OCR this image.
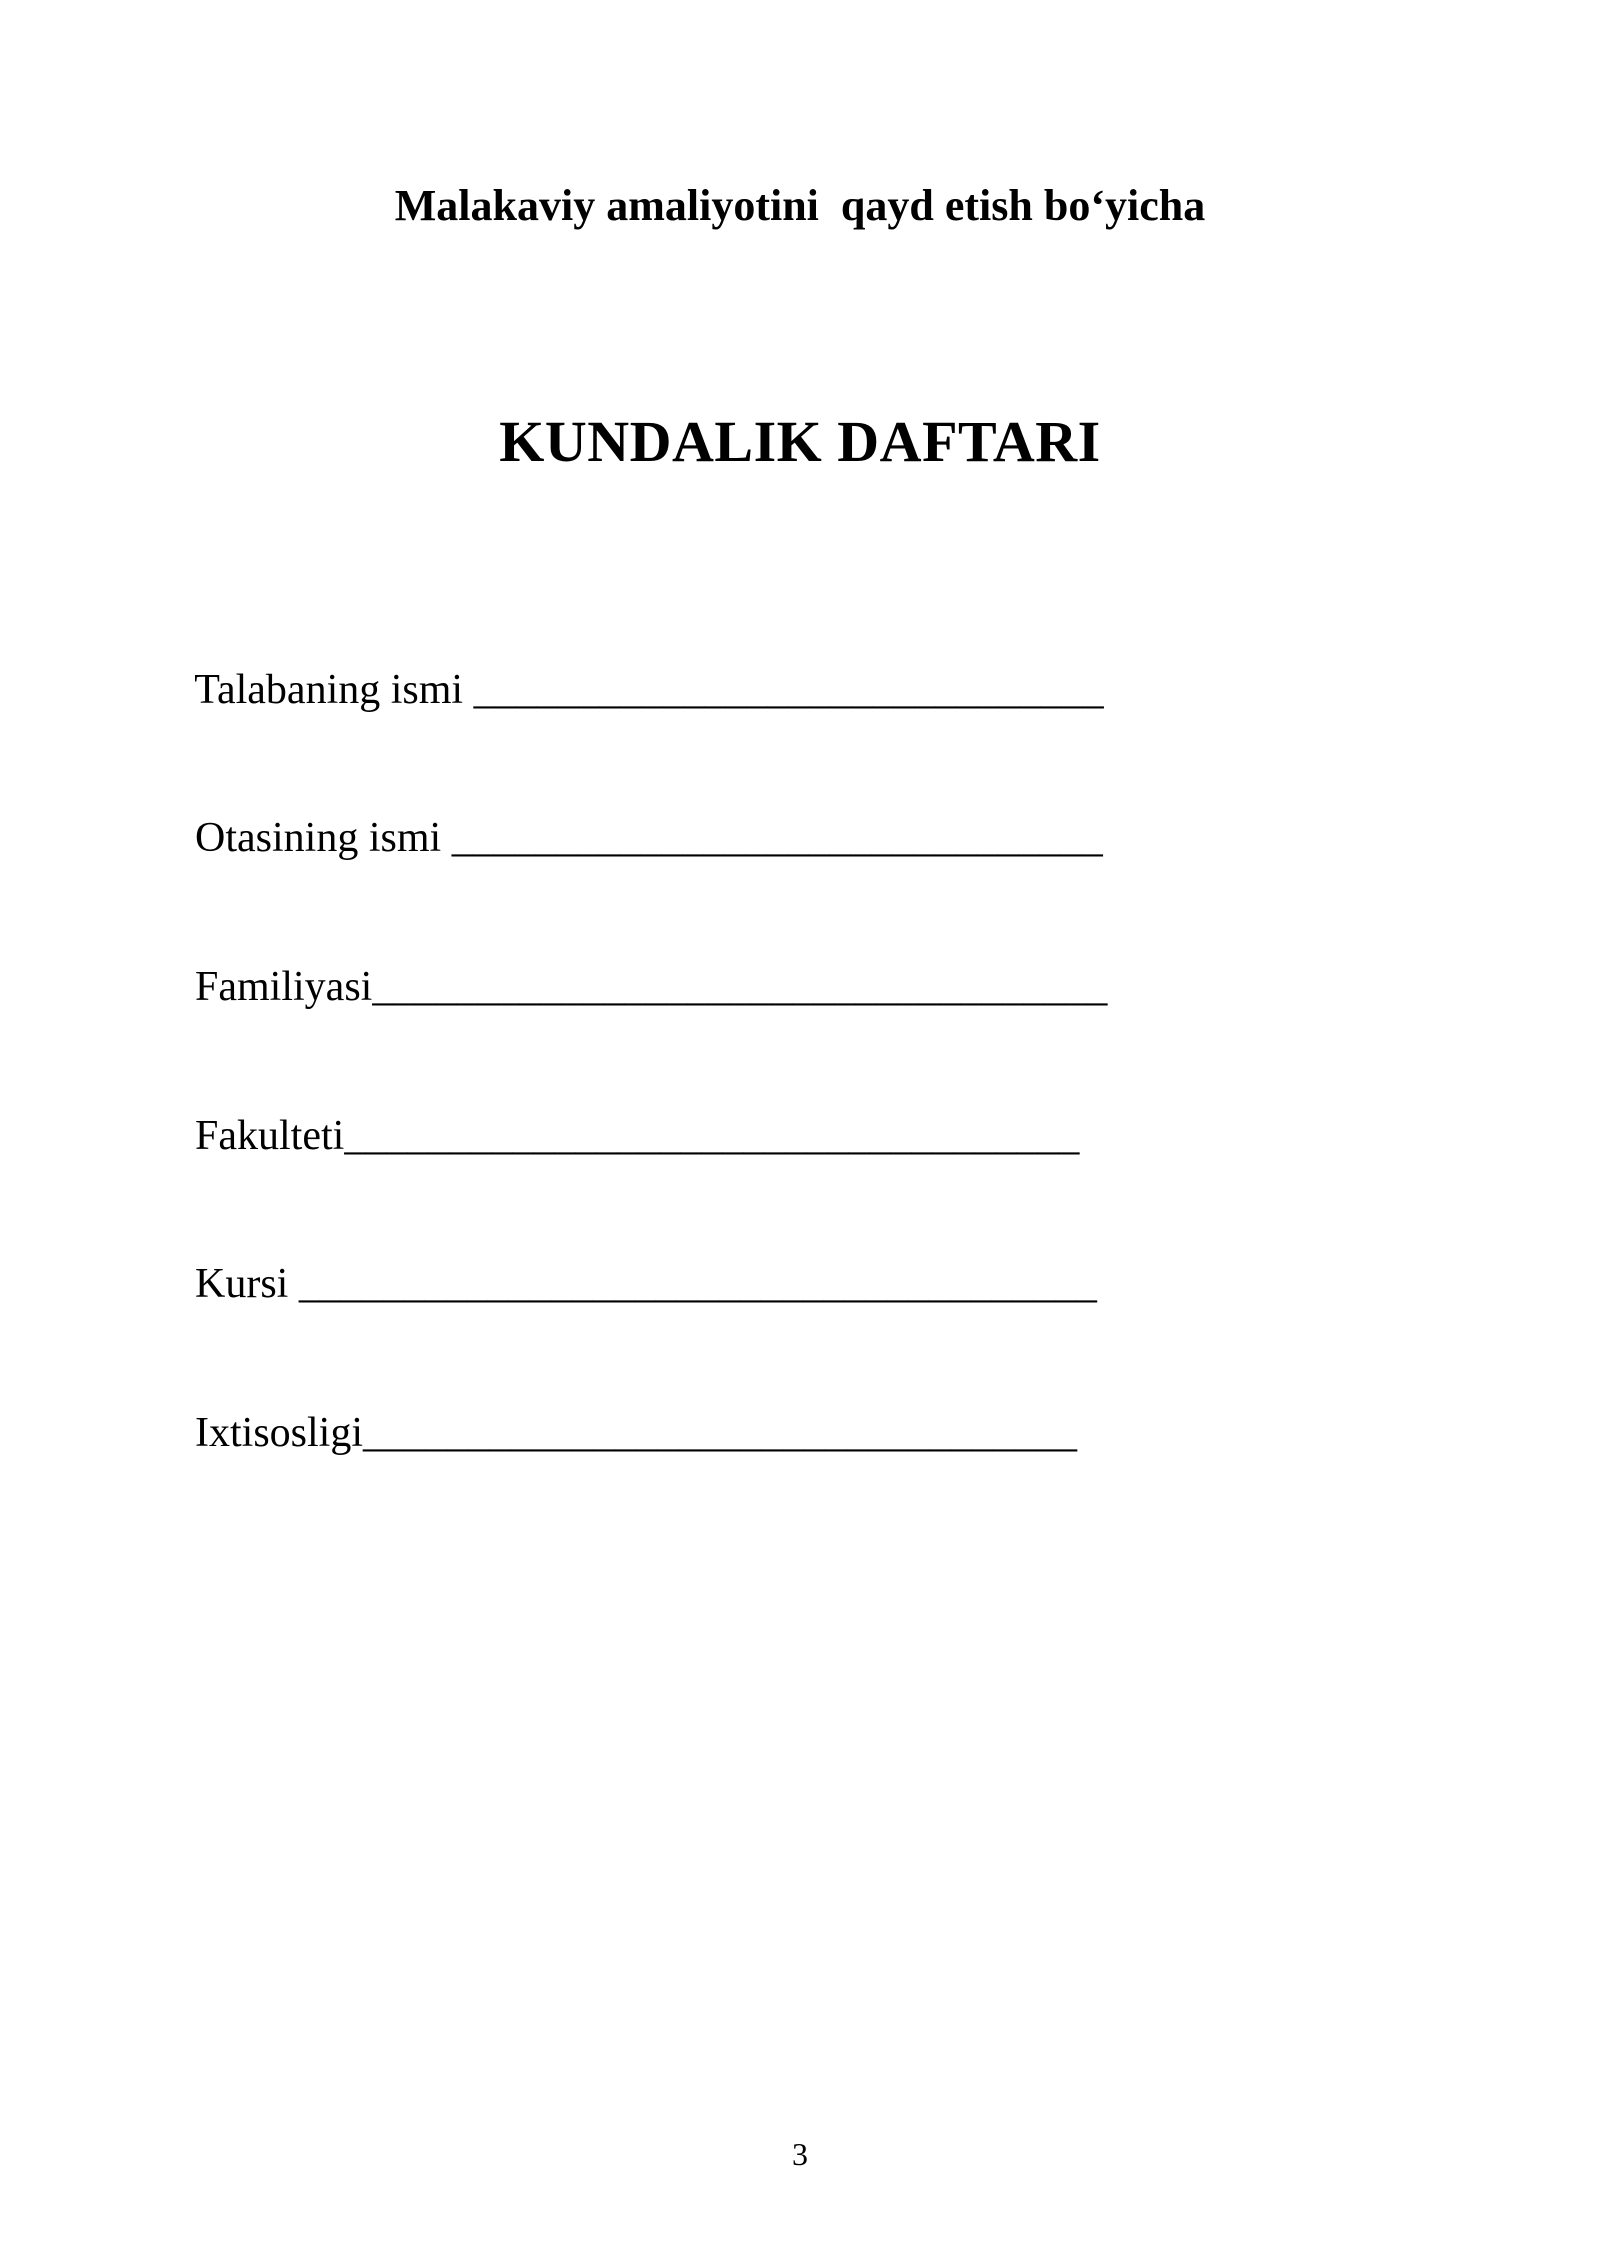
Malakaviy amaliyotini  qayd etish bo‘yicha
KUNDALIK DAFTARI

Talabaning ismi ______________________________

Otasining ismi _______________________________

Familiyasi___________________________________

Fakulteti___________________________________

Kursi ______________________________________

Ixtisosligi__________________________________

3
